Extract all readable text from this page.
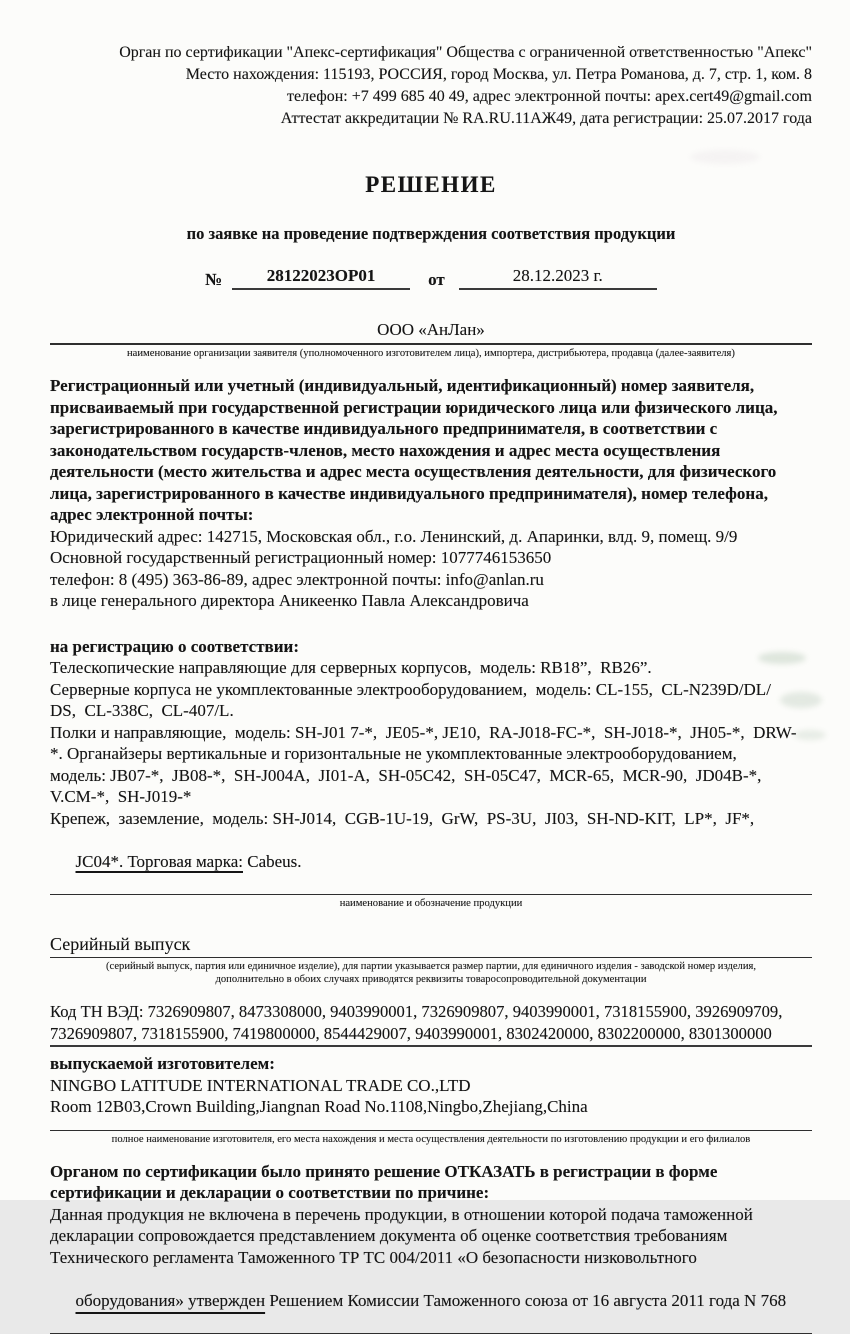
Орган по сертификации "Апекс-сертификация" Общества с ограниченной ответственностью "Апекс"
Место нахождения: 115193, РОССИЯ, город Москва, ул. Петра Романова, д. 7, стр. 1, ком. 8
телефон: +7 499 685 40 49, адрес электронной почты: apex.cert49@gmail.com
Аттестат аккредитации № RA.RU.11АЖ49, дата регистрации: 25.07.2017 года
РЕШЕНИЕ
по заявке на проведение подтверждения соответствия продукции
№	28122023ОР01	от	28.12.2023 г.
ООО «АнЛан»
наименование организации заявителя (уполномоченного изготовителем лица), импортера, дистрибьютера, продавца (далее-заявителя)
Регистрационный или учетный (индивидуальный, идентификационный) номер заявителя,
присваиваемый при государственной регистрации юридического лица или физического лица,
зарегистрированного в качестве индивидуального предпринимателя, в соответствии с
законодательством государств-членов, место нахождения и адрес места осуществления
деятельности (место жительства и адрес места осуществления деятельности, для физического
лица, зарегистрированного в качестве индивидуального предпринимателя), номер телефона,
адрес электронной почты:
Юридический адрес: 142715, Московская обл., г.о. Ленинский, д. Апаринки, влд. 9, помещ. 9/9
Основной государственный регистрационный номер: 1077746153650
телефон: 8 (495) 363-86-89, адрес электронной почты: info@anlan.ru
в лице генерального директора Аникеенко Павла Александровича
на регистрацию о соответствии:
Телескопические направляющие для серверных корпусов,  модель: RB18”,  RB26”.
Серверные корпуса не укомплектованные электрооборудованием,  модель: CL-155,  CL-N239D/DL/
DS,  CL-338C,  CL-407/L.
Полки и направляющие,  модель: SH-J01 7-*,  JE05-*, JE10,  RA-J018-FC-*,  SH-J018-*,  JH05-*,  DRW-
*. Органайзеры вертикальные и горизонтальные не укомплектованные электрооборудованием,
модель: JB07-*,  JB08-*,  SH-J004A,  JI01-A,  SH-05C42,  SH-05C47,  MCR-65,  MCR-90,  JD04B-*,
V.CM-*,  SH-J019-*
Крепеж,  заземление,  модель: SH-J014,  CGB-1U-19,  GrW,  PS-3U,  JI03,  SH-ND-KIT,  LP*,  JF*,

JC04*. Торговая марка: Cabeus.

наименование и обозначение продукции
Серийный выпуск
(серийный выпуск, партия или единичное изделие), для партии указывается размер партии, для единичного изделия - заводской номер изделия,
дополнительно в обоих случаях приводятся реквизиты товаросопроводительной документации
Код ТН ВЭД: 7326909807, 8473308000, 9403990001, 7326909807, 9403990001, 7318155900, 3926909709,
7326909807, 7318155900, 7419800000, 8544429007, 9403990001, 8302420000, 8302200000, 8301300000
выпускаемой изготовителем:
NINGBO LATITUDE INTERNATIONAL TRADE CO.,LTD
Room 12B03,Crown Building,Jiangnan Road No.1108,Ningbo,Zhejiang,China
полное наименование изготовителя, его места нахождения и места осуществления деятельности по изготовлению продукции и его филиалов
Органом по сертификации было принято решение ОТКАЗАТЬ в регистрации в форме
сертификации и декларации о соответствии по причине:
Данная продукция не включена в перечень продукции, в отношении которой подача таможенной
декларации сопровождается представлением документа об оценке соответствия требованиям
Технического регламента Таможенного ТР ТС 004/2011 «О безопасности низковольтного

оборудования» утвержден Решением Комиссии Таможенного союза от 16 августа 2011 года N 768
